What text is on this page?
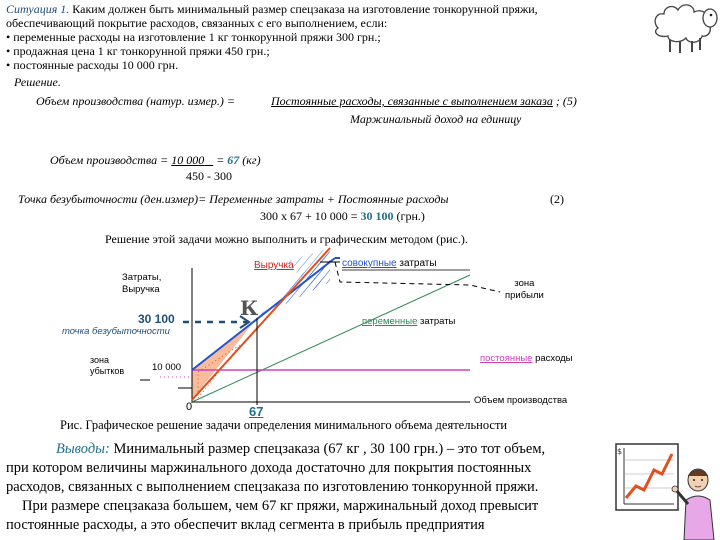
Ситуация 1. Каким должен быть минимальный размер спецзаказа на изготовление тонкорунной пряжи,
обеспечивающий покрытие расходов, связанных с его выполнением, если:
• переменные расходы на изготовление 1 кг тонкорунной пряжи 300 грн.;
• продажная цена 1 кг тонкорунной пряжи 450 грн.;
• постоянные расходы 10 000 грн.
Решение.
Объем производства (натур. измер.) =	Постоянные расходы, связанные с выполнением заказа ; (5)
Маржинальный доход на единицу
Объем производства = 10 000 = 67 (кг)
450 - 300
Точка безубыточности (ден.измер)= Переменные затраты + Постоянные расходы	(2)
300 х 67 + 10 000 = 30 100 (грн.)
Решение этой задачи можно выполнить и графическим методом (рис.).
Выручка	совокупные затраты
Затраты,
Выручка
зона
прибыли
К
30 100
точка безубыточности
переменные затраты
зона
убытков	10 000
постоянные расходы
0	67
Объем производства
Рис. Графическое решение задачи определения минимального объема деятельности
Выводы: Минимальный размер спецзаказа (67 кг , 30 100 грн.) – это тот объем,
при котором величины маржинального дохода достаточно для покрытия постоянных
расходов, связанных с выполнением спецзаказа по изготовлению тонкорунной пряжи.
При размере спецзаказа большем, чем 67 кг пряжи, маржинальный доход превысит
постоянные расходы, а это обеспечит вклад сегмента в прибыль предприятия
$
